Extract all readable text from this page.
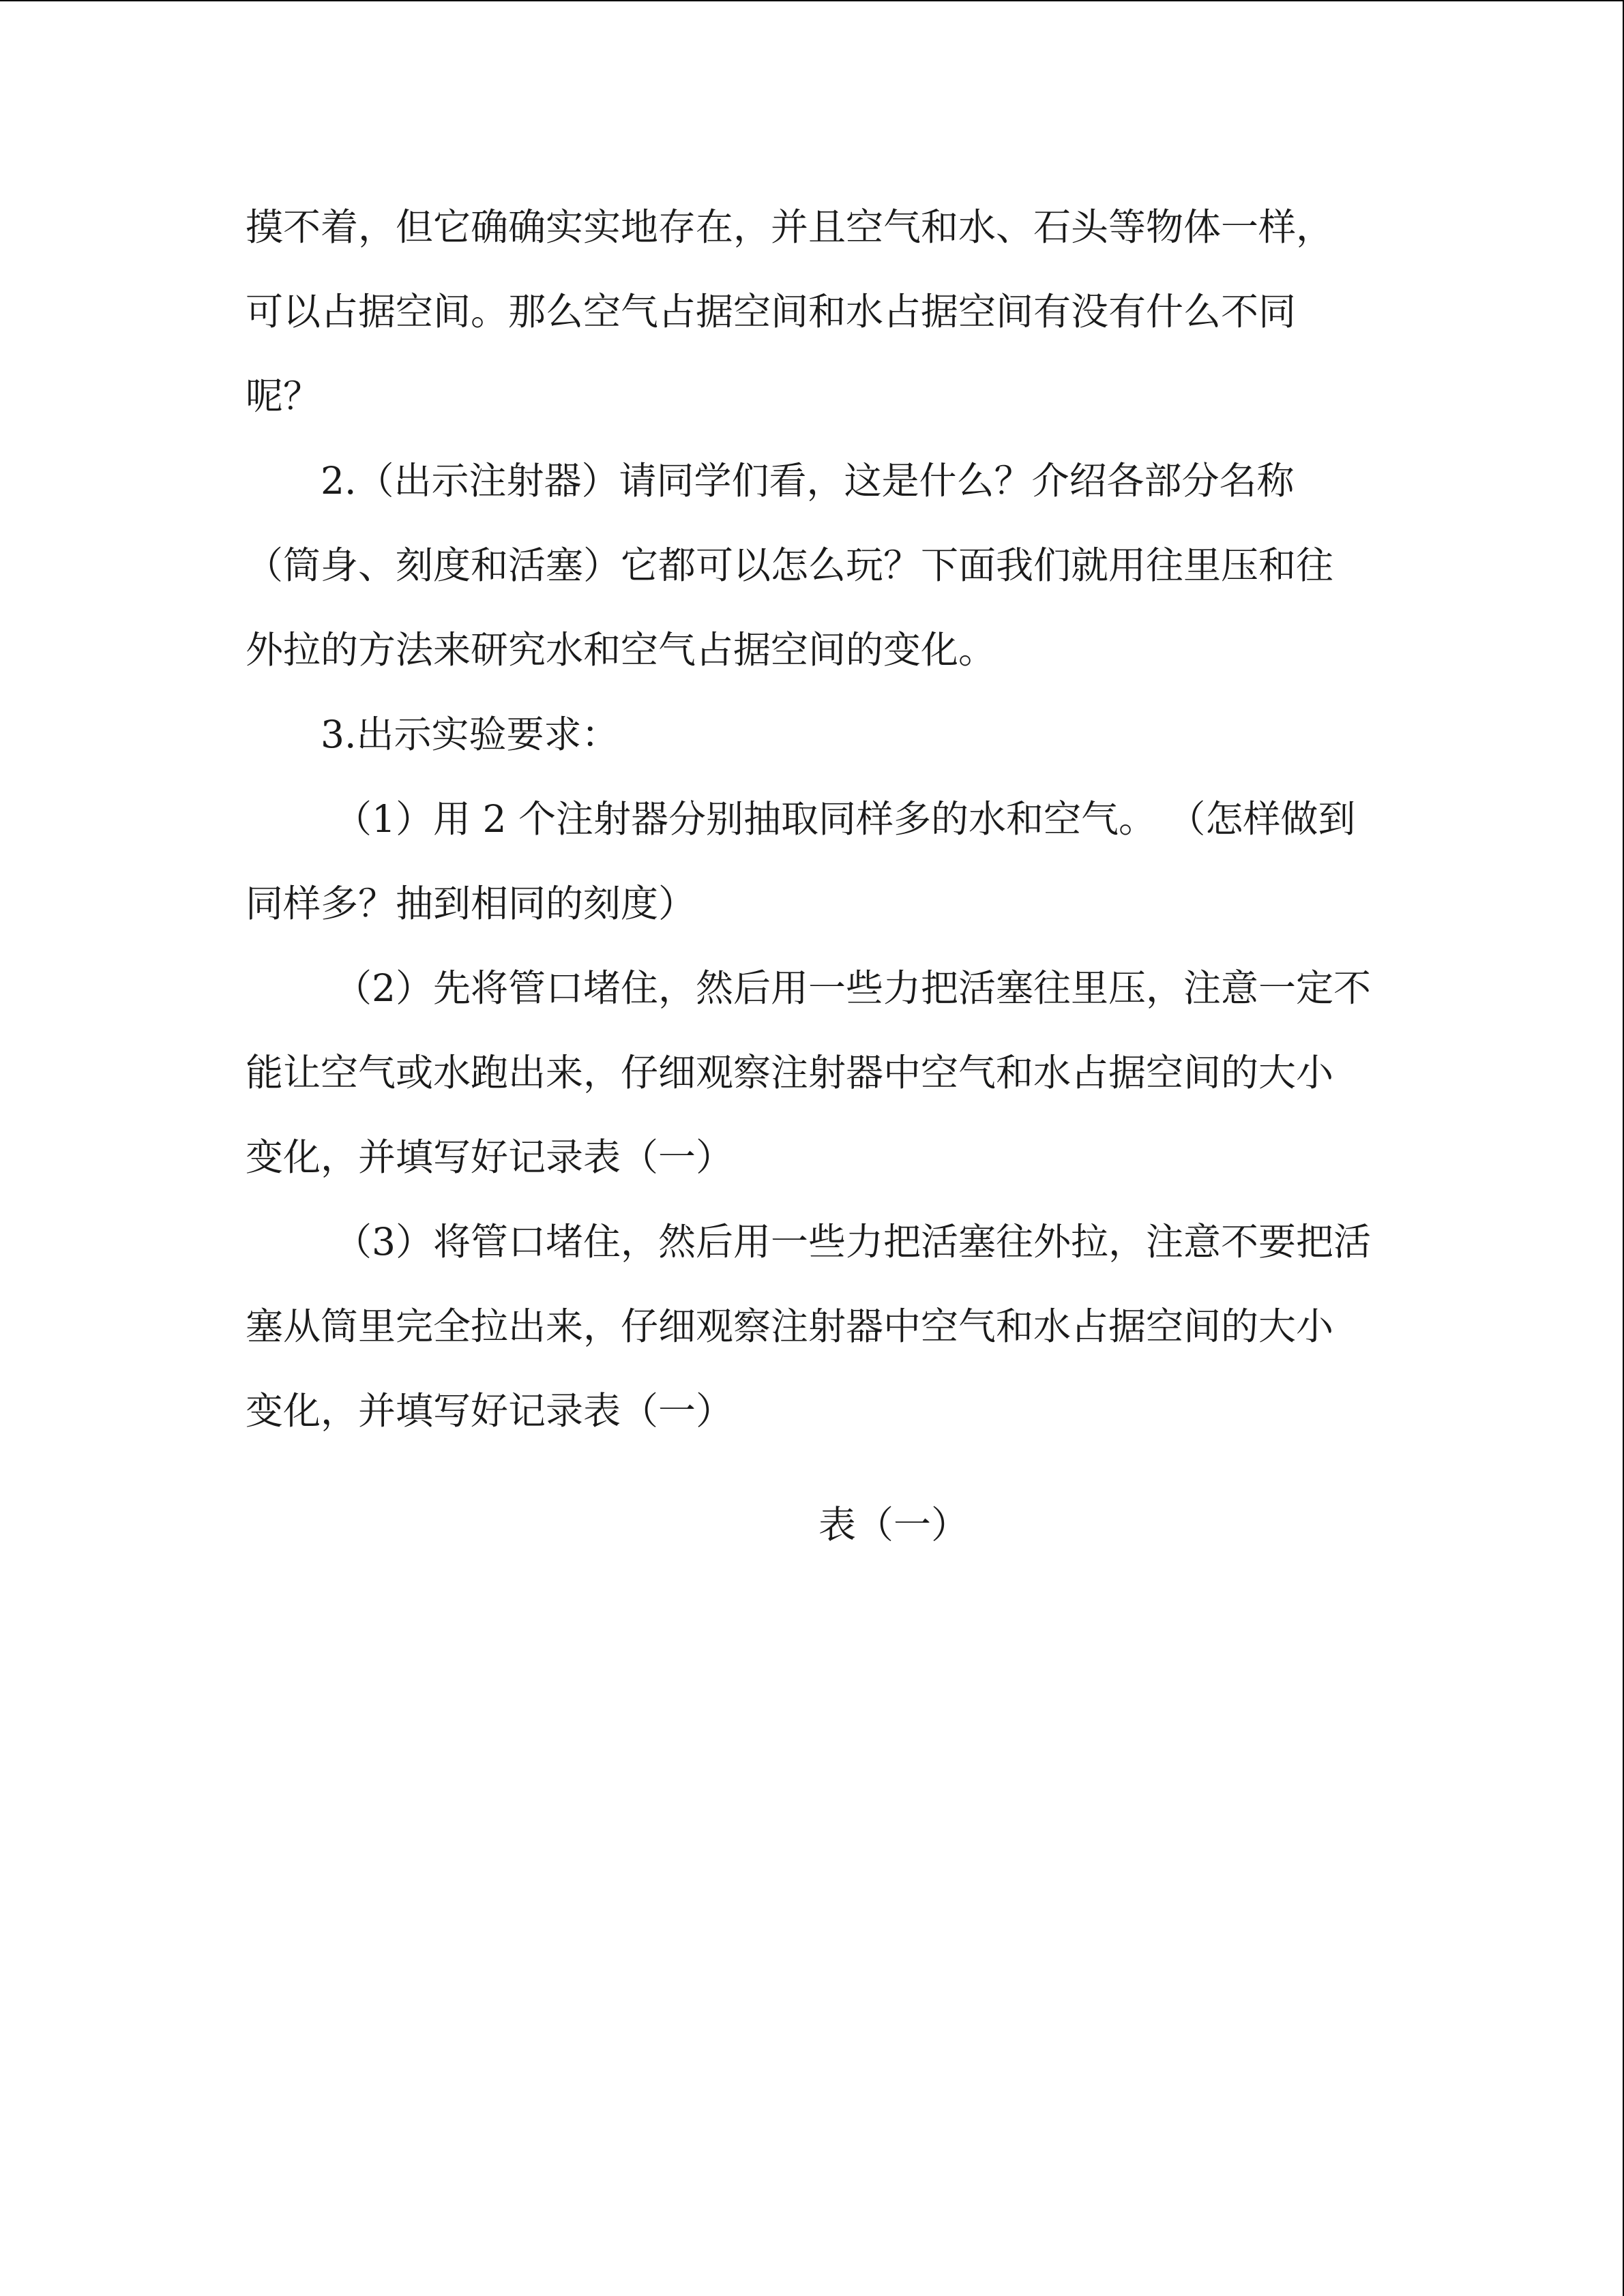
摸不着，但它确确实实地存在，并且空气和水、石头等物体一样，
可以占据空间。那么空气占据空间和水占据空间有没有什么不同
呢？
2.（出示注射器）请同学们看，这是什么？介绍各部分名称
（筒身、刻度和活塞）它都可以怎么玩？下面我们就用往里压和往
外拉的方法来研究水和空气占据空间的变化。
3.出示实验要求：
（1）用 2 个注射器分别抽取同样多的水和空气。 （怎样做到
同样多？抽到相同的刻度）
（2）先将管口堵住，然后用一些力把活塞往里压，注意一定不
能让空气或水跑出来，仔细观察注射器中空气和水占据空间的大小
变化，并填写好记录表（一）
（3）将管口堵住，然后用一些力把活塞往外拉，注意不要把活
塞从筒里完全拉出来，仔细观察注射器中空气和水占据空间的大小
变化，并填写好记录表（一）
表（一）
